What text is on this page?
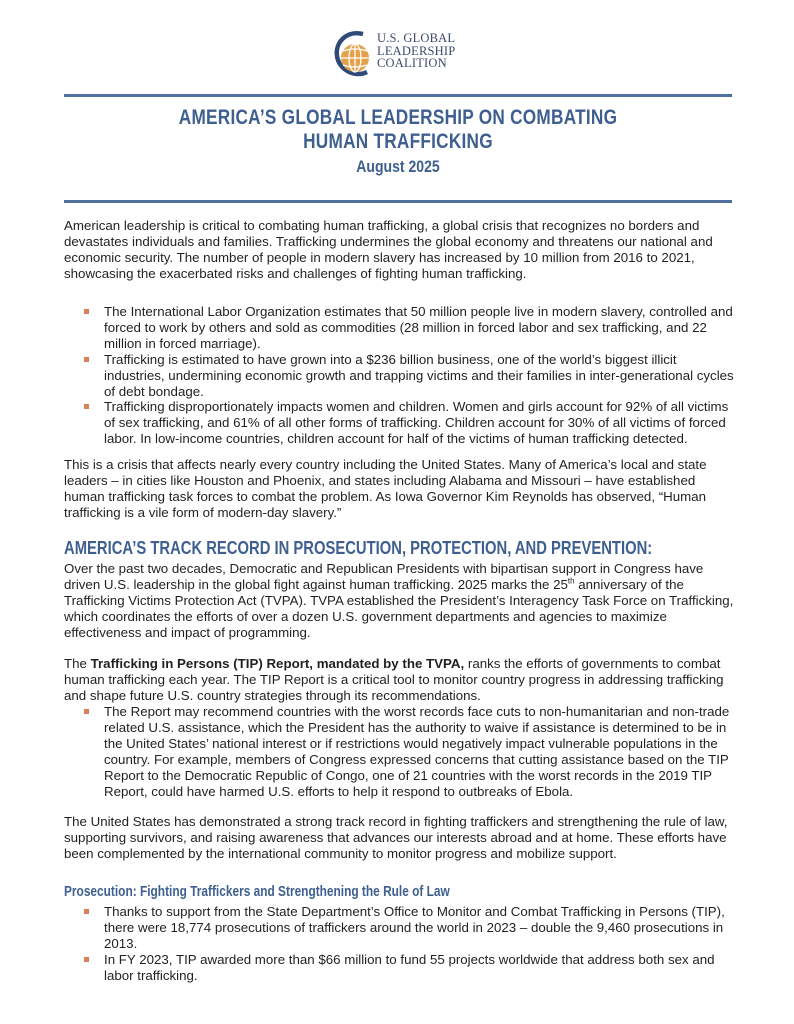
U.S. GLOBAL
LEADERSHIP
COALITION
AMERICA’S GLOBAL LEADERSHIP ON COMBATING
HUMAN TRAFFICKING
August 2025

American leadership is critical to combating human trafficking, a global crisis that recognizes no borders and devastates individuals and families. Trafficking undermines the global economy and threatens our national and economic security. The number of people in modern slavery has increased by 10 million from 2016 to 2021, showcasing the exacerbated risks and challenges of fighting human trafficking.

The International Labor Organization estimates that 50 million people live in modern slavery, controlled and forced to work by others and sold as commodities (28 million in forced labor and sex trafficking, and 22 million in forced marriage).
Trafficking is estimated to have grown into a $236 billion business, one of the world’s biggest illicit industries, undermining economic growth and trapping victims and their families in inter-generational cycles of debt bondage.
Trafficking disproportionately impacts women and children. Women and girls account for 92% of all victims of sex trafficking, and 61% of all other forms of trafficking. Children account for 30% of all victims of forced labor. In low-income countries, children account for half of the victims of human trafficking detected.

This is a crisis that affects nearly every country including the United States. Many of America’s local and state leaders – in cities like Houston and Phoenix, and states including Alabama and Missouri – have established human trafficking task forces to combat the problem. As Iowa Governor Kim Reynolds has observed, “Human trafficking is a vile form of modern-day slavery.”

AMERICA’S TRACK RECORD IN PROSECUTION, PROTECTION, AND PREVENTION:

Over the past two decades, Democratic and Republican Presidents with bipartisan support in Congress have driven U.S. leadership in the global fight against human trafficking. 2025 marks the 25th anniversary of the Trafficking Victims Protection Act (TVPA). TVPA established the President’s Interagency Task Force on Trafficking, which coordinates the efforts of over a dozen U.S. government departments and agencies to maximize effectiveness and impact of programming.

The Trafficking in Persons (TIP) Report, mandated by the TVPA, ranks the efforts of governments to combat human trafficking each year. The TIP Report is a critical tool to monitor country progress in addressing trafficking and shape future U.S. country strategies through its recommendations.

The Report may recommend countries with the worst records face cuts to non-humanitarian and non-trade related U.S. assistance, which the President has the authority to waive if assistance is determined to be in the United States’ national interest or if restrictions would negatively impact vulnerable populations in the country. For example, members of Congress expressed concerns that cutting assistance based on the TIP Report to the Democratic Republic of Congo, one of 21 countries with the worst records in the 2019 TIP Report, could have harmed U.S. efforts to help it respond to outbreaks of Ebola.

The United States has demonstrated a strong track record in fighting traffickers and strengthening the rule of law, supporting survivors, and raising awareness that advances our interests abroad and at home. These efforts have been complemented by the international community to monitor progress and mobilize support.

Prosecution: Fighting Traffickers and Strengthening the Rule of Law
Thanks to support from the State Department’s Office to Monitor and Combat Trafficking in Persons (TIP), there were 18,774 prosecutions of traffickers around the world in 2023 – double the 9,460 prosecutions in 2013.
In FY 2023, TIP awarded more than $66 million to fund 55 projects worldwide that address both sex and labor trafficking.
